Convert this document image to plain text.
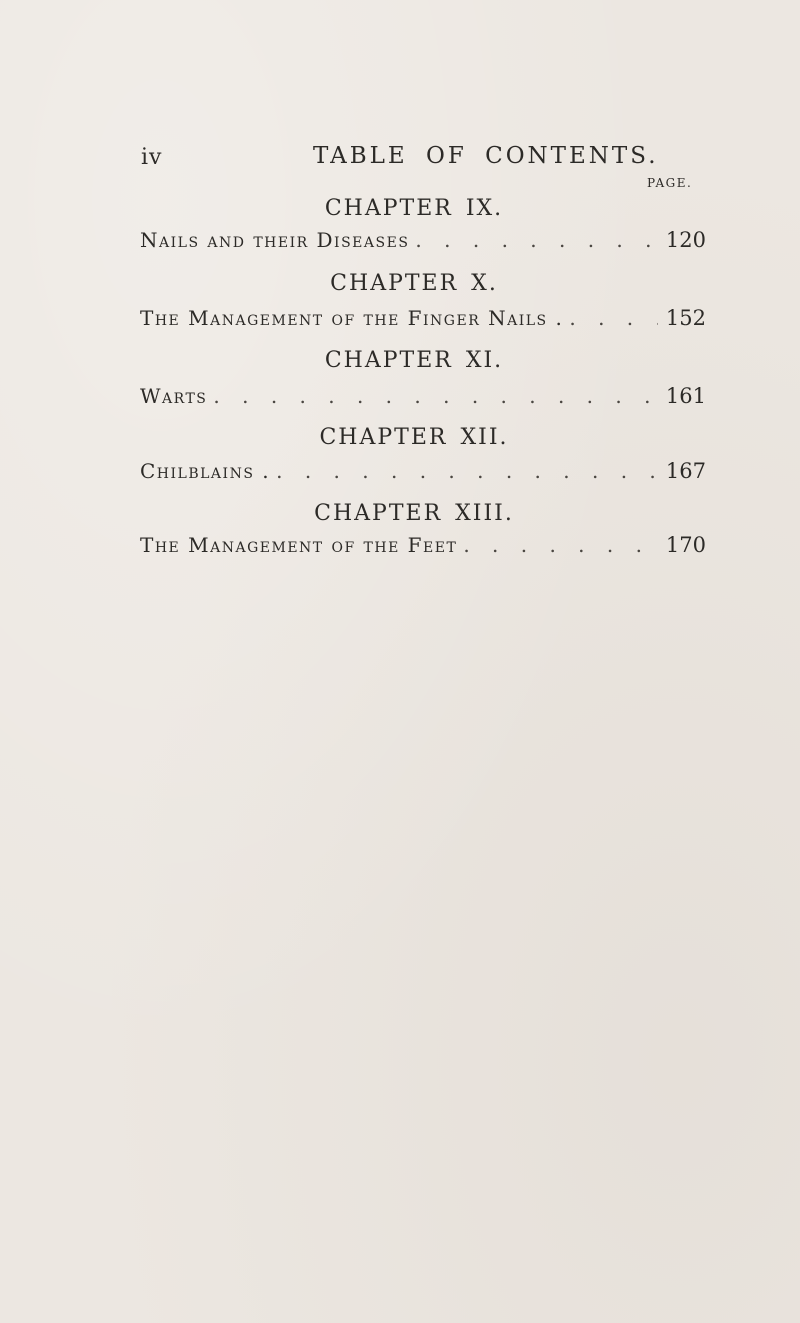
iv	TABLE OF CONTENTS.
PAGE.
CHAPTER IX.
Nails and their Diseases . . .	120
CHAPTER X.
The Management of the Finger Nails . . . .	152
CHAPTER XI.
Warts . . .	161
CHAPTER XII.
Chilblains . . . .	167
CHAPTER XIII.
The Management of the Feet . . .	170
